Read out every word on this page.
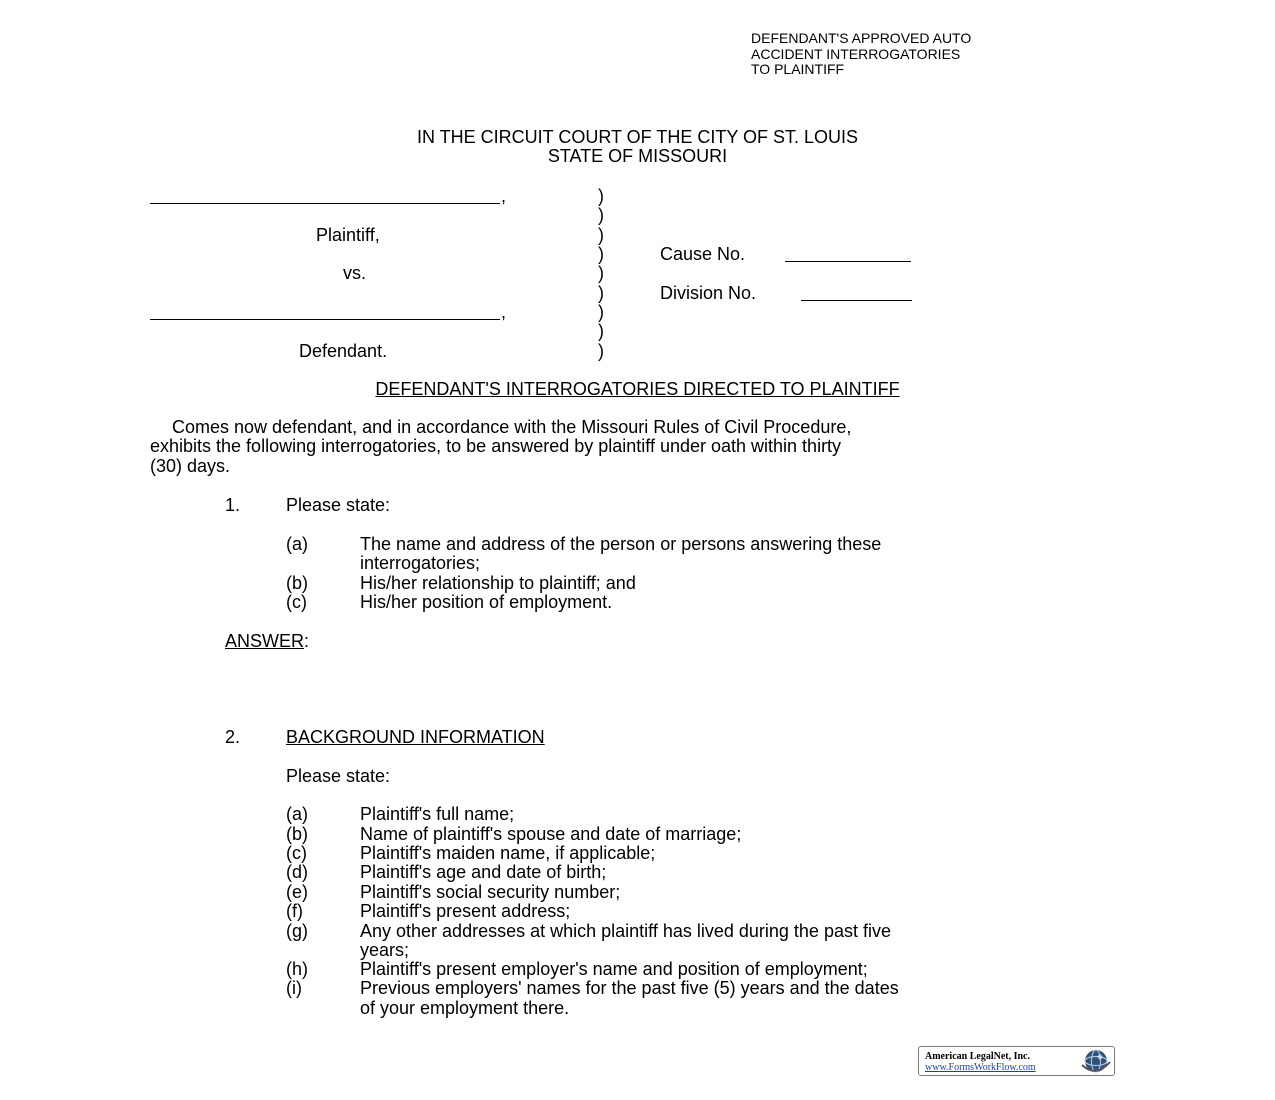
DEFENDANT'S APPROVED AUTO
ACCIDENT INTERROGATORIES
TO PLAINTIFF
IN THE CIRCUIT COURT OF THE CITY OF ST. LOUIS
STATE OF MISSOURI
,
Plaintiff,
vs.
,
Defendant.
)
)
)
)
)
)
)
)
)
Cause No.
Division No.
DEFENDANT'S INTERROGATORIES DIRECTED TO PLAINTIFF
Comes now defendant, and in accordance with the Missouri Rules of Civil Procedure,
exhibits the following interrogatories, to be answered by plaintiff under oath within thirty
(30) days.
1.	Please state:
(a)	The name and address of the person or persons answering these
interrogatories;
(b)	His/her relationship to plaintiff; and
(c)	His/her position of employment.
ANSWER:
2.	BACKGROUND INFORMATION
Please state:
(a)	Plaintiff's full name;
(b)	Name of plaintiff's spouse and date of marriage;
(c)	Plaintiff's maiden name, if applicable;
(d)	Plaintiff's age and date of birth;
(e)	Plaintiff's social security number;
(f)	Plaintiff's present address;
(g)	Any other addresses at which plaintiff has lived during the past five
years;
(h)	Plaintiff's present employer's name and position of employment;
(i)	Previous employers' names for the past five (5) years and the dates
of your employment there.
American LegalNet, Inc.
www.FormsWorkFlow.com
